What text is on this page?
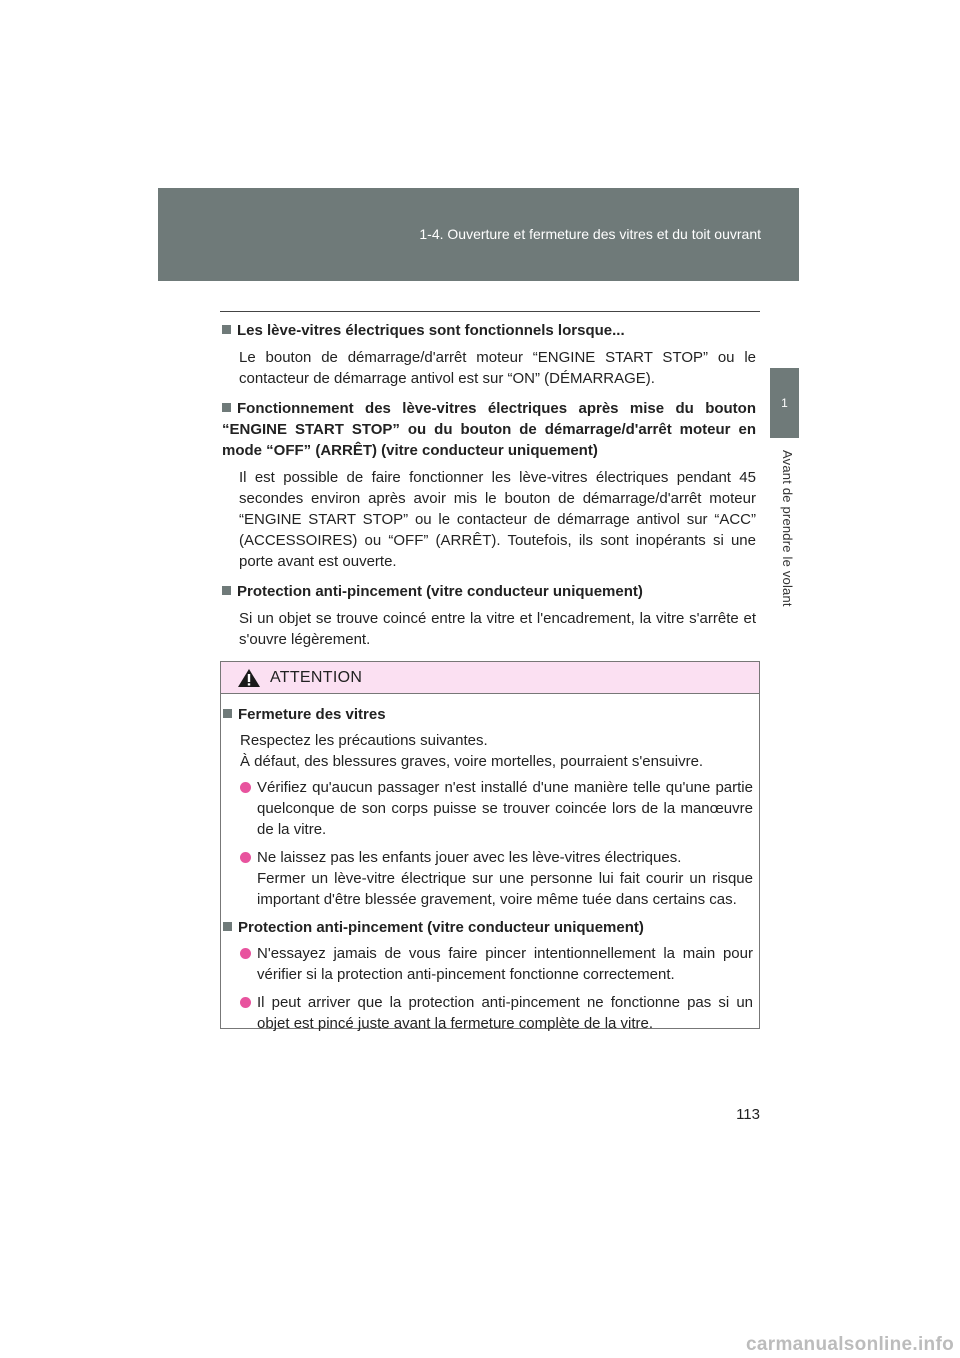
1-4. Ouverture et fermeture des vitres et du toit ouvrant
1
Avant de prendre le volant

Les lève-vitres électriques sont fonctionnels lorsque...

Le bouton de démarrage/d'arrêt moteur “ENGINE START STOP” ou le contacteur de démarrage antivol est sur “ON” (DÉMARRAGE).

Fonctionnement des lève-vitres électriques après mise du bouton “ENGINE START STOP” ou du bouton de démarrage/d'arrêt moteur en mode “OFF” (ARRÊT) (vitre conducteur uniquement)

Il est possible de faire fonctionner les lève-vitres électriques pendant 45 secondes environ après avoir mis le bouton de démarrage/d'arrêt moteur “ENGINE START STOP” ou le contacteur de démarrage antivol sur “ACC” (ACCESSOIRES) ou “OFF” (ARRÊT). Toutefois, ils sont inopérants si une porte avant est ouverte.

Protection anti-pincement (vitre conducteur uniquement)

Si un objet se trouve coincé entre la vitre et l'encadrement, la vitre s'arrête et s'ouvre légèrement.
ATTENTION

Fermeture des vitres

Respectez les précautions suivantes.
À défaut, des blessures graves, voire mortelles, pourraient s'ensuivre.
Vérifiez qu'aucun passager n'est installé d'une manière telle qu'une partie quelconque de son corps puisse se trouver coincée lors de la manœuvre de la vitre.
Ne laissez pas les enfants jouer avec les lève-vitres électriques.
Fermer un lève-vitre électrique sur une personne lui fait courir un risque important d'être blessée gravement, voire même tuée dans certains cas.

Protection anti-pincement (vitre conducteur uniquement)

N'essayez jamais de vous faire pincer intentionnellement la main pour vérifier si la protection anti-pincement fonctionne correctement.
Il peut arriver que la protection anti-pincement ne fonctionne pas si un objet est pincé juste avant la fermeture complète de la vitre.
113
carmanualsonline.info
